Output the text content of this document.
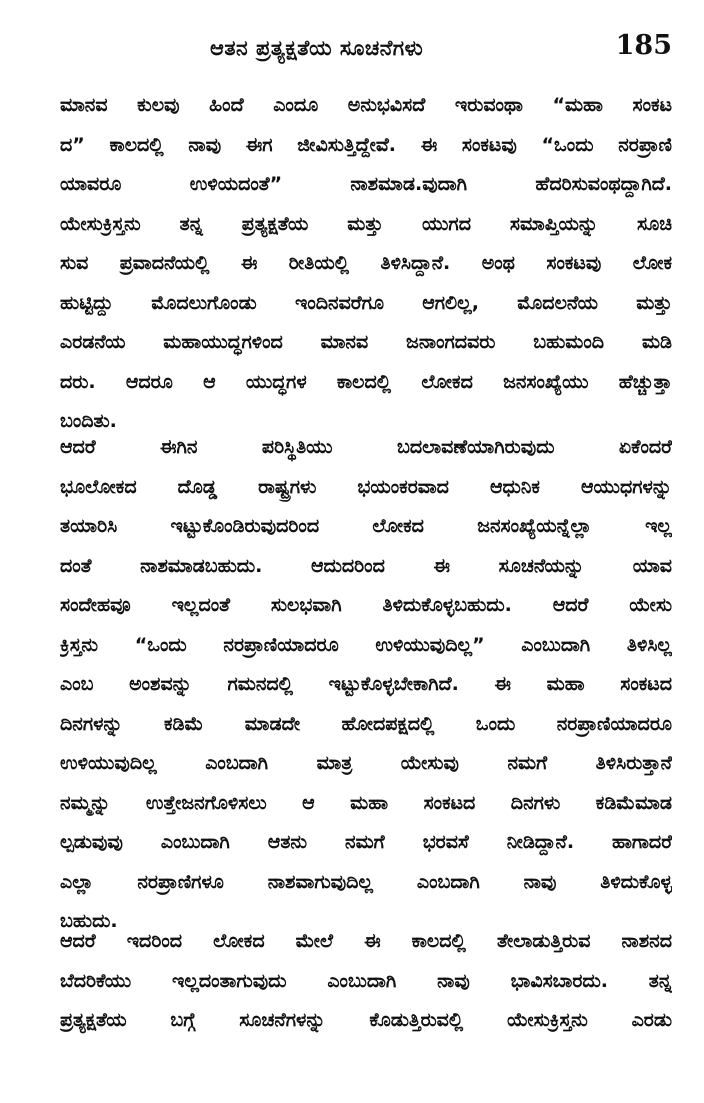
ಆತನ ಪ್ರತ್ಯಕ್ಷತೆಯ ಸೂಚನೆಗಳು	185
ಮಾನವ ಕುಲವು ಹಿಂದೆ ಎಂದೂ ಅನುಭವಿಸದೆ ಇರುವಂಥಾ “ಮಹಾ ಸಂಕಟ
ದ” ಕಾಲದಲ್ಲಿ ನಾವು ಈಗ ಜೀವಿಸುತ್ತಿದ್ದೇವೆ. ಈ ಸಂಕಟವು “ಒಂದು ನರಪ್ರಾಣಿ
ಯಾವರೂ ಉಳಿಯದಂತೆ” ನಾಶಮಾಡ.ವುದಾಗಿ ಹೆದರಿಸುವಂಥದ್ದಾಗಿದೆ.
ಯೇಸುಕ್ರಿಸ್ತನು ತನ್ನ ಪ್ರತ್ಯಕ್ಷತೆಯ ಮತ್ತು ಯುಗದ ಸಮಾಪ್ತಿಯನ್ನು ಸೂಚಿ
ಸುವ ಪ್ರವಾದನೆಯಲ್ಲಿ ಈ ರೀತಿಯಲ್ಲಿ ತಿಳಿಸಿದ್ದಾನೆ. ಅಂಥ ಸಂಕಟವು ಲೋಕ
ಹುಟ್ಟಿದ್ದು ಮೊದಲುಗೊಂಡು ಇಂದಿನವರೆಗೂ ಆಗಲಿಲ್ಲ, ಮೊದಲನೆಯ ಮತ್ತು
ಎರಡನೆಯ ಮಹಾಯುದ್ಧಗಳಿಂದ ಮಾನವ ಜನಾಂಗದವರು ಬಹುಮಂದಿ ಮಡಿ
ದರು. ಆದರೂ ಆ ಯುದ್ಧಗಳ ಕಾಲದಲ್ಲಿ ಲೋಕದ ಜನಸಂಖ್ಯೆಯು ಹೆಚ್ಚುತ್ತಾ
ಬಂದಿತು.
ಆದರೆ ಈಗಿನ ಪರಿಸ್ಥಿತಿಯು ಬದಲಾವಣೆಯಾಗಿರುವುದು ಏಕೆಂದರೆ
ಭೂಲೋಕದ ದೊಡ್ಡ ರಾಷ್ಟ್ರಗಳು ಭಯಂಕರವಾದ ಆಧುನಿಕ ಆಯುಧಗಳನ್ನು
ತಯಾರಿಸಿ ಇಟ್ಟುಕೊಂಡಿರುವುದರಿಂದ ಲೋಕದ ಜನಸಂಖ್ಯೆಯನ್ನೆಲ್ಲಾ ಇಲ್ಲ
ದಂತೆ ನಾಶಮಾಡಬಹುದು. ಆದುದರಿಂದ ಈ ಸೂಚನೆಯನ್ನು ಯಾವ
ಸಂದೇಹವೂ ಇಲ್ಲದಂತೆ ಸುಲಭವಾಗಿ ತಿಳಿದುಕೊಳ್ಳಬಹುದು. ಆದರೆ ಯೇಸು
ಕ್ರಿಸ್ತನು “ಒಂದು ನರಪ್ರಾಣಿಯಾದರೂ ಉಳಿಯುವುದಿಲ್ಲ” ಎಂಬುದಾಗಿ ತಿಳಿಸಿಲ್ಲ
ಎಂಬ ಅಂಶವನ್ನು ಗಮನದಲ್ಲಿ ಇಟ್ಟುಕೊಳ್ಳಬೇಕಾಗಿದೆ. ಈ ಮಹಾ ಸಂಕಟದ
ದಿನಗಳನ್ನು ಕಡಿಮೆ ಮಾಡದೇ ಹೋದಪಕ್ಷದಲ್ಲಿ ಒಂದು ನರಪ್ರಾಣಿಯಾದರೂ
ಉಳಿಯುವುದಿಲ್ಲ ಎಂಬದಾಗಿ ಮಾತ್ರ ಯೇಸುವು ನಮಗೆ ತಿಳಿಸಿರುತ್ತಾನೆ
ನಮ್ಮನ್ನು ಉತ್ತೇಜನಗೊಳಿಸಲು ಆ ಮಹಾ ಸಂಕಟದ ದಿನಗಳು ಕಡಿಮೆಮಾಡ
ಲ್ಪಡುವುವು ಎಂಬುದಾಗಿ ಆತನು ನಮಗೆ ಭರವಸೆ ನೀಡಿದ್ದಾನೆ. ಹಾಗಾದರೆ
ಎಲ್ಲಾ ನರಪ್ರಾಣಿಗಳೂ ನಾಶವಾಗುವುದಿಲ್ಲ ಎಂಬದಾಗಿ ನಾವು ತಿಳಿದುಕೊಳ್ಳ
ಬಹುದು.
ಆದರೆ ಇದರಿಂದ ಲೋಕದ ಮೇಲೆ ಈ ಕಾಲದಲ್ಲಿ ತೇಲಾಡುತ್ತಿರುವ ನಾಶನದ
ಬೆದರಿಕೆಯು ಇಲ್ಲದಂತಾಗುವುದು ಎಂಬುದಾಗಿ ನಾವು ಭಾವಿಸಬಾರದು. ತನ್ನ
ಪ್ರತ್ಯಕ್ಷತೆಯ ಬಗ್ಗೆ ಸೂಚನೆಗಳನ್ನು ಕೊಡುತ್ತಿರುವಲ್ಲಿ ಯೇಸುಕ್ರಿಸ್ತನು ಎರಡು
